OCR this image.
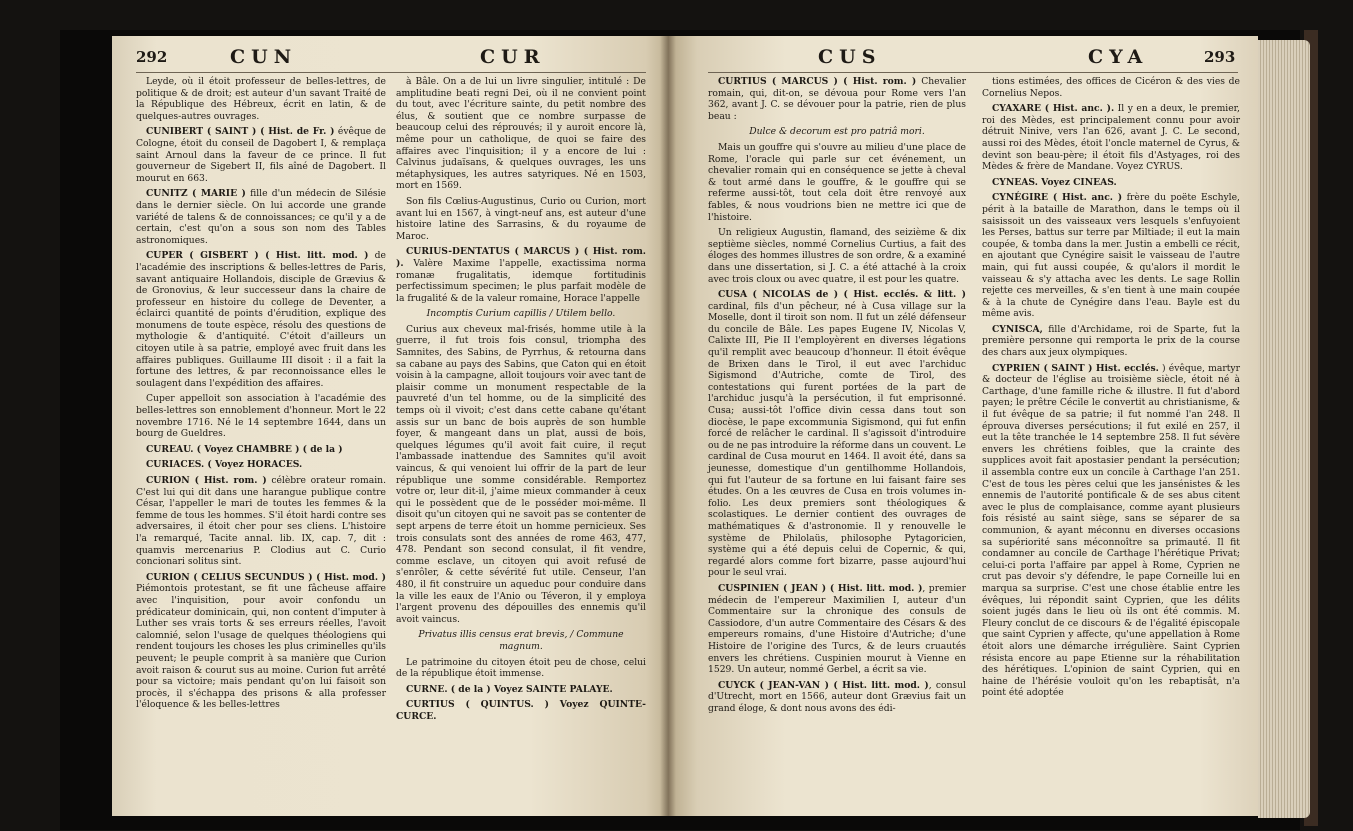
292	CUN	CUR

Leyde, où il étoit professeur de belles-lettres, de politique & de droit; est auteur d'un savant Traité de la République des Hébreux, écrit en latin, & de quelques-autres ouvrages.

CUNIBERT ( SAINT ) ( Hist. de Fr. ) évêque de Cologne, étoit du conseil de Dagobert I, & remplaça saint Arnoul dans la faveur de ce prince. Il fut gouverneur de Sigebert II, fils aîné de Dagobert. Il mourut en 663.

CUNITZ ( MARIE ) fille d'un médecin de Silésie dans le dernier siècle. On lui accorde une grande variété de talens & de connoissances; ce qu'il y a de certain, c'est qu'on a sous son nom des Tables astronomiques.

CUPER ( GISBERT ) ( Hist. litt. mod. ) de l'académie des inscriptions & belles-lettres de Paris, savant antiquaire Hollandois, disciple de Grævius & de Gronovius, & leur successeur dans la chaire de professeur en histoire du college de Deventer, a éclairci quantité de points d'érudition, explique des monumens de toute espèce, résolu des questions de mythologie & d'antiquité. C'étoit d'ailleurs un citoyen utile à sa patrie, employé avec fruit dans les affaires publiques. Guillaume III disoit : il a fait la fortune des lettres, & par reconnoissance elles le soulagent dans l'expédition des affaires.

Cuper appelloit son association à l'académie des belles-lettres son ennoblement d'honneur. Mort le 22 novembre 1716. Né le 14 septembre 1644, dans un bourg de Gueldres.

CUREAU. ( Voyez CHAMBRE ) ( de la )

CURIACES. ( Voyez HORACES.

CURION ( Hist. rom. ) célèbre orateur romain. C'est lui qui dit dans une harangue publique contre César, l'appeller le mari de toutes les femmes & la femme de tous les hommes. S'il étoit hardi contre ses adversaires, il étoit cher pour ses cliens. L'histoire l'a remarqué, Tacite annal. lib. IX, cap. 7, dit : quamvis mercenarius P. Clodius aut C. Curio concionari solitus sint.

CURION ( CELIUS SECUNDUS ) ( Hist. mod. ) Piémontois protestant, se fit une fâcheuse affaire avec l'inquisition, pour avoir confondu un prédicateur dominicain, qui, non content d'imputer à Luther ses vrais torts & ses erreurs réelles, l'avoit calomnié, selon l'usage de quelques théologiens qui rendent toujours les choses les plus criminelles qu'ils peuvent; le peuple comprit à sa manière que Curion avoit raison & courut sus au moine. Curion fut arrêté pour sa victoire; mais pendant qu'on lui faisoit son procès, il s'échappa des prisons & alla professer l'éloquence & les belles-lettres

à Bâle. On a de lui un livre singulier, intitulé : De amplitudine beati regni Dei, où il ne convient point du tout, avec l'écriture sainte, du petit nombre des élus, & soutient que ce nombre surpasse de beaucoup celui des réprouvés; il y auroit encore là, même pour un catholique, de quoi se faire des affaires avec l'inquisition; il y a encore de lui : Calvinus judaïsans, & quelques ouvrages, les uns métaphysiques, les autres satyriques. Né en 1503, mort en 1569.

Son fils Cœlius-Augustinus, Curio ou Curion, mort avant lui en 1567, à vingt-neuf ans, est auteur d'une histoire latine des Sarrasins, & du royaume de Maroc.

CURIUS-DENTATUS ( MARCUS ) ( Hist. rom. ). Valère Maxime l'appelle, exactissima norma romanæ frugalitatis, idemque fortitudinis perfectissimum specimen; le plus parfait modèle de la frugalité & de la valeur romaine, Horace l'appelle

Incomptis Curium capillis / Utilem bello.

Curius aux cheveux mal-frisés, homme utile à la guerre, il fut trois fois consul, triompha des Samnites, des Sabins, de Pyrrhus, & retourna dans sa cabane au pays des Sabins, que Caton qui en étoit voisin à la campagne, alloit toujours voir avec tant de plaisir comme un monument respectable de la pauvreté d'un tel homme, ou de la simplicité des temps où il vivoit; c'est dans cette cabane qu'étant assis sur un banc de bois auprès de son humble foyer, & mangeant dans un plat, aussi de bois, quelques légumes qu'il avoit fait cuire, il reçut l'ambassade inattendue des Samnites qu'il avoit vaincus, & qui venoient lui offrir de la part de leur république une somme considérable. Remportez votre or, leur dit-il, j'aime mieux commander à ceux qui le possèdent que de le posséder moi-même. Il disoit qu'un citoyen qui ne savoit pas se contenter de sept arpens de terre étoit un homme pernicieux. Ses trois consulats sont des années de rome 463, 477, 478. Pendant son second consulat, il fit vendre, comme esclave, un citoyen qui avoit refusé de s'enrôler, & cette sévérité fut utile. Censeur, l'an 480, il fit construire un aqueduc pour conduire dans la ville les eaux de l'Anio ou Téveron, il y employa l'argent provenu des dépouilles des ennemis qu'il avoit vaincus.

Privatus illis census erat brevis, / Commune magnum.

Le patrimoine du citoyen étoit peu de chose, celui de la république étoit immense.

CURNE. ( de la ) Voyez SAINTE PALAYE.

CURTIUS ( QUINTUS. ) Voyez QUINTE-CURCE.

CUS	CYA	293

CURTIUS ( MARCUS ) ( Hist. rom. ) Chevalier romain, qui, dit-on, se dévoua pour Rome vers l'an 362, avant J. C. se dévouer pour la patrie, rien de plus beau :

Dulce & decorum est pro patriâ mori.

Mais un gouffre qui s'ouvre au milieu d'une place de Rome, l'oracle qui parle sur cet événement, un chevalier romain qui en conséquence se jette à cheval & tout armé dans le gouffre, & le gouffre qui se referme aussi-tôt, tout cela doit être renvoyé aux fables, & nous voudrions bien ne mettre ici que de l'histoire.

Un religieux Augustin, flamand, des seizième & dix septième siècles, nommé Cornelius Curtius, a fait des éloges des hommes illustres de son ordre, & a examiné dans une dissertation, si J. C. a été attaché à la croix avec trois cloux ou avec quatre, il est pour les quatre.

CUSA ( NICOLAS de ) ( Hist. ecclés. & litt. ) cardinal, fils d'un pêcheur, né à Cusa village sur la Moselle, dont il tiroit son nom. Il fut un zélé défenseur du concile de Bâle. Les papes Eugene IV, Nicolas V, Calixte III, Pie II l'employèrent en diverses légations qu'il remplit avec beaucoup d'honneur. Il étoit évêque de Brixen dans le Tirol, il eut avec l'archiduc Sigismond d'Autriche, comte de Tirol, des contestations qui furent portées de la part de l'archiduc jusqu'à la persécution, il fut emprisonné. Cusa; aussi-tôt l'office divin cessa dans tout son diocèse, le pape excommunia Sigismond, qui fut enfin forcé de relâcher le cardinal. Il s'agissoit d'introduire ou de ne pas introduire la réforme dans un couvent. Le cardinal de Cusa mourut en 1464. Il avoit été, dans sa jeunesse, domestique d'un gentilhomme Hollandois, qui fut l'auteur de sa fortune en lui faisant faire ses études. On a les œuvres de Cusa en trois volumes in-folio. Les deux premiers sont théologiques & scolastiques. Le dernier contient des ouvrages de mathématiques & d'astronomie. Il y renouvelle le système de Philolaüs, philosophe Pytagoricien, système qui a été depuis celui de Copernic, & qui, regardé alors comme fort bizarre, passe aujourd'hui pour le seul vrai.

CUSPINIEN ( JEAN ) ( Hist. litt. mod. ), premier médecin de l'empereur Maximilien I, auteur d'un Commentaire sur la chronique des consuls de Cassiodore, d'un autre Commentaire des Césars & des empereurs romains, d'une Histoire d'Autriche; d'une Histoire de l'origine des Turcs, & de leurs cruautés envers les chrétiens. Cuspinien mourut à Vienne en 1529. Un auteur, nommé Gerbel, a écrit sa vie.

CUYCK ( JEAN-VAN ) ( Hist. litt. mod. ), consul d'Utrecht, mort en 1566, auteur dont Grævius fait un grand éloge, & dont nous avons des édi-

tions estimées, des offices de Cicéron & des vies de Cornelius Nepos.

CYAXARE ( Hist. anc. ). Il y en a deux, le premier, roi des Mèdes, est principalement connu pour avoir détruit Ninive, vers l'an 626, avant J. C. Le second, aussi roi des Mèdes, étoit l'oncle maternel de Cyrus, & devint son beau-père; il étoit fils d'Astyages, roi des Mèdes & frère de Mandane. Voyez CYRUS.

CYNEAS. Voyez CINEAS.

CYNÉGIRE ( Hist. anc. ) frère du poëte Eschyle, périt à la bataille de Marathon, dans le temps où il saisissoit un des vaisseaux vers lesquels s'enfuyoient les Perses, battus sur terre par Miltiade; il eut la main coupée, & tomba dans la mer. Justin a embelli ce récit, en ajoutant que Cynégire saisit le vaisseau de l'autre main, qui fut aussi coupée, & qu'alors il mordit le vaisseau & s'y attacha avec les dents. Le sage Rollin rejette ces merveilles, & s'en tient à une main coupée & à la chute de Cynégire dans l'eau. Bayle est du même avis.

CYNISCA, fille d'Archidame, roi de Sparte, fut la première personne qui remporta le prix de la course des chars aux jeux olympiques.

CYPRIEN ( SAINT ) Hist. ecclés. ) évêque, martyr & docteur de l'église au troisième siècle, étoit né à Carthage, d'une famille riche & illustre. Il fut d'abord payen; le prêtre Cécile le convertit au christianisme, & il fut évêque de sa patrie; il fut nommé l'an 248. Il éprouva diverses persécutions; il fut exilé en 257, il eut la tête tranchée le 14 septembre 258. Il fut sévère envers les chrétiens foibles, que la crainte des supplices avoit fait apostasier pendant la persécution; il assembla contre eux un concile à Carthage l'an 251. C'est de tous les pères celui que les jansénistes & les ennemis de l'autorité pontificale & de ses abus citent avec le plus de complaisance, comme ayant plusieurs fois résisté au saint siège, sans se séparer de sa communion, & ayant méconnu en diverses occasions sa supériorité sans méconnoître sa primauté. Il fit condamner au concile de Carthage l'hérétique Privat; celui-ci porta l'affaire par appel à Rome, Cyprien ne crut pas devoir s'y défendre, le pape Corneille lui en marqua sa surprise. C'est une chose établie entre les évêques, lui répondit saint Cyprien, que les délits soient jugés dans le lieu où ils ont été commis. M. Fleury conclut de ce discours & de l'égalité épiscopale que saint Cyprien y affecte, qu'une appellation à Rome étoit alors une démarche irrégulière. Saint Cyprien résista encore au pape Etienne sur la réhabilitation des hérétiques. L'opinion de saint Cyprien, qui en haine de l'hérésie vouloit qu'on les rebaptisât, n'a point été adoptée
